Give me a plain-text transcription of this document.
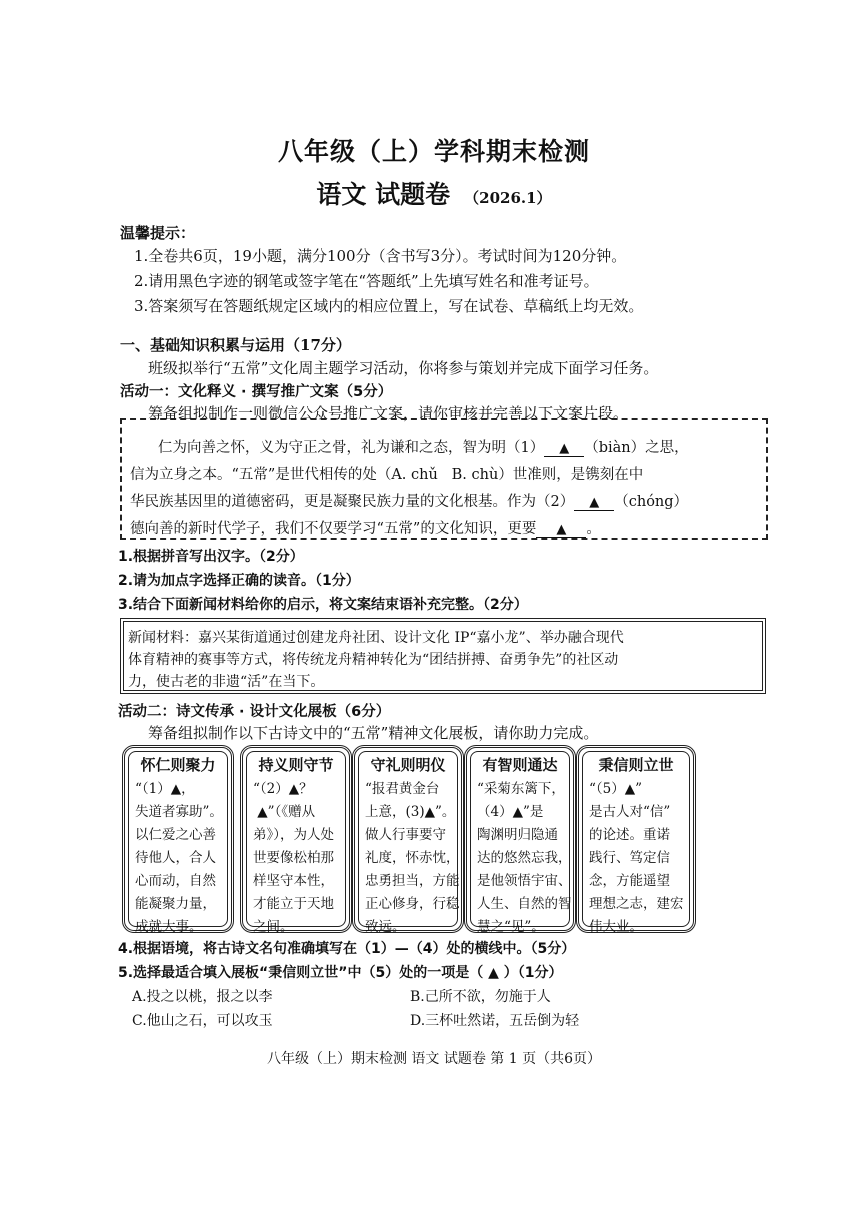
八年级（上）学科期末检测
语文 试题卷 （2026.1）
温馨提示：
1.全卷共6页，19小题，满分100分（含书写3分）。考试时间为120分钟。
2.请用黑色字迹的钢笔或签字笔在“答题纸”上先填写姓名和准考证号。
3.答案须写在答题纸规定区域内的相应位置上，写在试卷、草稿纸上均无效。
一、基础知识积累与运用（17分）
班级拟举行“五常”文化周主题学习活动，你将参与策划并完成下面学习任务。
活动一：文化释义 · 撰写推广文案（5分）
筹备组拟制作一则微信公众号推广文案，请你审核并完善以下文案片段。
仁为向善之怀，义为守正之骨，礼为谦和之态，智为明（1） ▲ （biàn）之思，
信为立身之本。“五常”是世代相传的处（A. chǔ B. chù）世准则，是镌刻在中
华民族基因里的道德密码，更是凝聚民族力量的文化根基。作为（2） ▲ （chóng）
德向善的新时代学子，我们不仅要学习“五常”的文化知识，更要 ▲ 。
1.根据拼音写出汉字。（2分）
2.请为加点字选择正确的读音。（1分）
3.结合下面新闻材料给你的启示，将文案结束语补充完整。（2分）
新闻材料：嘉兴某街道通过创建龙舟社团、设计文化 IP“嘉小龙”、举办融合现代
体育精神的赛事等方式，将传统龙舟精神转化为“团结拼搏、奋勇争先”的社区动
力，使古老的非遗“活”在当下。
活动二：诗文传承 · 设计文化展板（6分）
筹备组拟制作以下古诗文中的“五常”精神文化展板，请你助力完成。
怀仁则聚力
“（1）▲，
失道者寡助”。
以仁爱之心善
待他人，合人
心而动，自然
能凝聚力量，
成就大事。
持义则守节
“（2）▲？
▲”（《赠从
弟》），为人处
世要像松柏那
样坚守本性，
才能立于天地
之间。
守礼则明仪
“报君黄金台
上意，(3)▲”。
做人行事要守
礼度，怀赤忱，
忠勇担当，方能
正心修身，行稳
致远。
有智则通达
“采菊东篱下，
（4）▲”是
陶渊明归隐通
达的悠然忘我，
是他领悟宇宙、
人生、自然的智
慧之“见”。
秉信则立世
“（5）▲”
是古人对“信”
的论述。重诺
践行、笃定信
念，方能遥望
理想之志，建宏
伟大业。
4.根据语境，将古诗文名句准确填写在（1）—（4）处的横线中。（5分）
5.选择最适合填入展板“秉信则立世”中（5）处的一项是（ ▲ ）（1分）
A.投之以桃，报之以李	B.己所不欲，勿施于人
C.他山之石，可以攻玉	D.三杯吐然诺，五岳倒为轻
八年级（上）期末检测 语文 试题卷 第 1 页（共6页）
